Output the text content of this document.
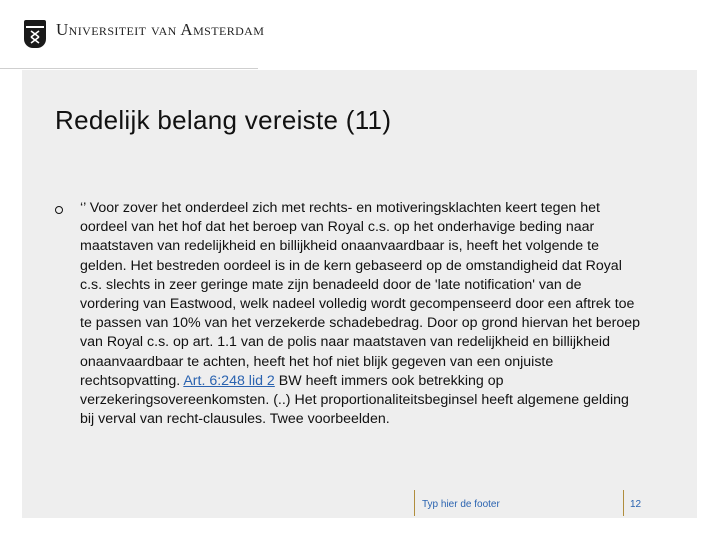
Universiteit van Amsterdam
Redelijk belang vereiste (11)

‘’ Voor zover het onderdeel zich met rechts- en motiveringsklachten keert tegen het oordeel van het hof dat het beroep van Royal c.s. op het onderhavige beding naar maatstaven van redelijkheid en billijkheid onaanvaardbaar is, heeft het volgende te gelden. Het bestreden oordeel is in de kern gebaseerd op de omstandigheid dat Royal c.s. slechts in zeer geringe mate zijn benadeeld door de 'late notification' van de vordering van Eastwood, welk nadeel volledig wordt gecompenseerd door een aftrek toe te passen van 10% van het verzekerde schadebedrag. Door op grond hiervan het beroep van Royal c.s. op art. 1.1 van de polis naar maatstaven van redelijkheid en billijkheid onaanvaardbaar te achten, heeft het hof niet blijk gegeven van een onjuiste rechtsopvatting. Art. 6:248 lid 2 BW heeft immers ook betrekking op verzekeringsovereenkomsten. (..) Het proportionaliteitsbeginsel heeft algemene gelding bij verval van recht-clausules. Twee voorbeelden.

Typ hier de footer	12
